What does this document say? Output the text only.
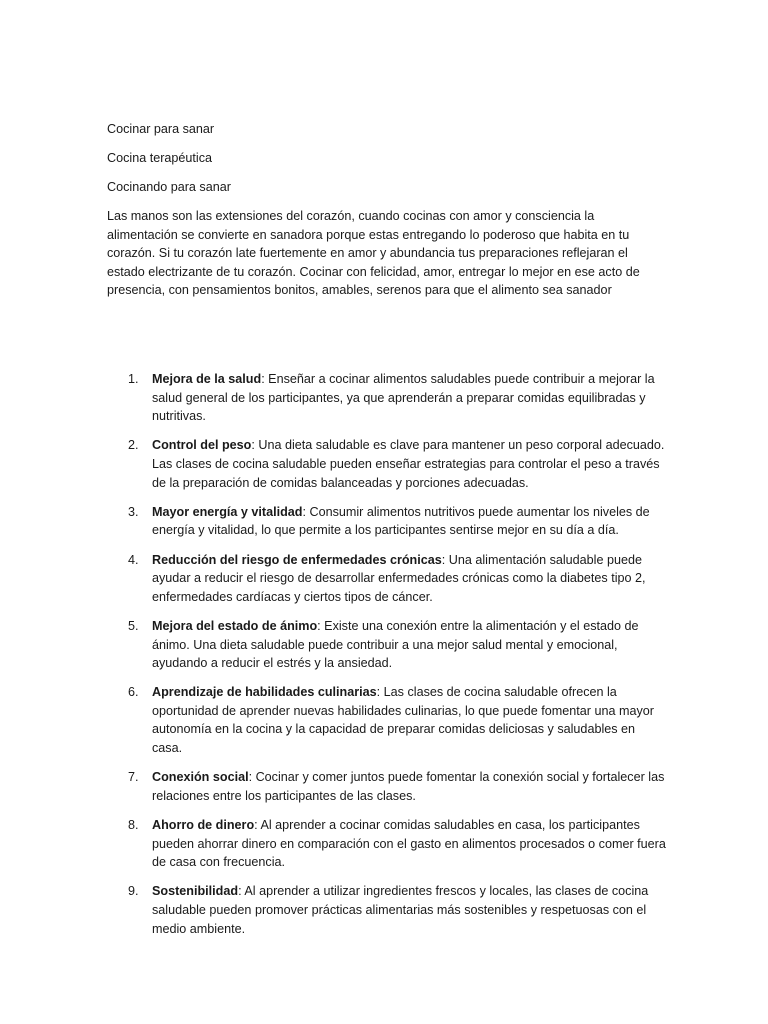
Cocinar para sanar

Cocina terapéutica

Cocinando para sanar

Las manos son las extensiones del corazón, cuando cocinas con amor y consciencia la alimentación se convierte en sanadora porque estas entregando lo poderoso que habita en tu corazón. Si tu corazón late fuertemente en amor y abundancia tus preparaciones reflejaran el estado electrizante de tu corazón. Cocinar con felicidad, amor, entregar lo mejor en ese acto de presencia, con pensamientos bonitos, amables, serenos para que el alimento sea sanador

1. Mejora de la salud: Enseñar a cocinar alimentos saludables puede contribuir a mejorar la salud general de los participantes, ya que aprenderán a preparar comidas equilibradas y nutritivas.
2. Control del peso: Una dieta saludable es clave para mantener un peso corporal adecuado. Las clases de cocina saludable pueden enseñar estrategias para controlar el peso a través de la preparación de comidas balanceadas y porciones adecuadas.
3. Mayor energía y vitalidad: Consumir alimentos nutritivos puede aumentar los niveles de energía y vitalidad, lo que permite a los participantes sentirse mejor en su día a día.
4. Reducción del riesgo de enfermedades crónicas: Una alimentación saludable puede ayudar a reducir el riesgo de desarrollar enfermedades crónicas como la diabetes tipo 2, enfermedades cardíacas y ciertos tipos de cáncer.
5. Mejora del estado de ánimo: Existe una conexión entre la alimentación y el estado de ánimo. Una dieta saludable puede contribuir a una mejor salud mental y emocional, ayudando a reducir el estrés y la ansiedad.
6. Aprendizaje de habilidades culinarias: Las clases de cocina saludable ofrecen la oportunidad de aprender nuevas habilidades culinarias, lo que puede fomentar una mayor autonomía en la cocina y la capacidad de preparar comidas deliciosas y saludables en casa.
7. Conexión social: Cocinar y comer juntos puede fomentar la conexión social y fortalecer las relaciones entre los participantes de las clases.
8. Ahorro de dinero: Al aprender a cocinar comidas saludables en casa, los participantes pueden ahorrar dinero en comparación con el gasto en alimentos procesados o comer fuera de casa con frecuencia.
9. Sostenibilidad: Al aprender a utilizar ingredientes frescos y locales, las clases de cocina saludable pueden promover prácticas alimentarias más sostenibles y respetuosas con el medio ambiente.
